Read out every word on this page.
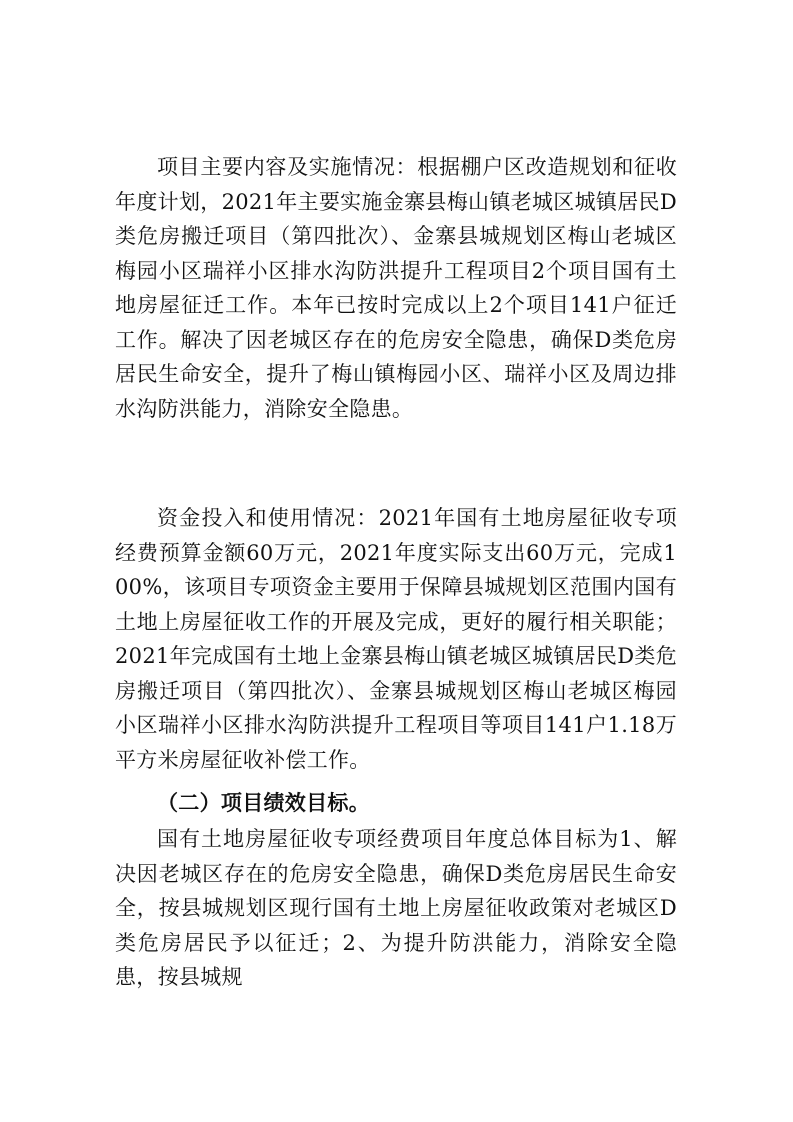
项目主要内容及实施情况：根据棚户区改造规划和征收年度计划，2021年主要实施金寨县梅山镇老城区城镇居民D类危房搬迁项目（第四批次）、金寨县城规划区梅山老城区梅园小区瑞祥小区排水沟防洪提升工程项目2个项目国有土地房屋征迁工作。本年已按时完成以上2个项目141户征迁工作。解决了因老城区存在的危房安全隐患，确保D类危房居民生命安全，提升了梅山镇梅园小区、瑞祥小区及周边排水沟防洪能力，消除安全隐患。

资金投入和使用情况：2021年国有土地房屋征收专项经费预算金额60万元，2021年度实际支出60万元，完成100%，该项目专项资金主要用于保障县城规划区范围内国有土地上房屋征收工作的开展及完成，更好的履行相关职能；2021年完成国有土地上金寨县梅山镇老城区城镇居民D类危房搬迁项目（第四批次）、金寨县城规划区梅山老城区梅园小区瑞祥小区排水沟防洪提升工程项目等项目141户1.18万平方米房屋征收补偿工作。

（二）项目绩效目标。

国有土地房屋征收专项经费项目年度总体目标为1、解决因老城区存在的危房安全隐患，确保D类危房居民生命安全，按县城规划区现行国有土地上房屋征收政策对老城区D类危房居民予以征迁；2、为提升防洪能力，消除安全隐患，按县城规
